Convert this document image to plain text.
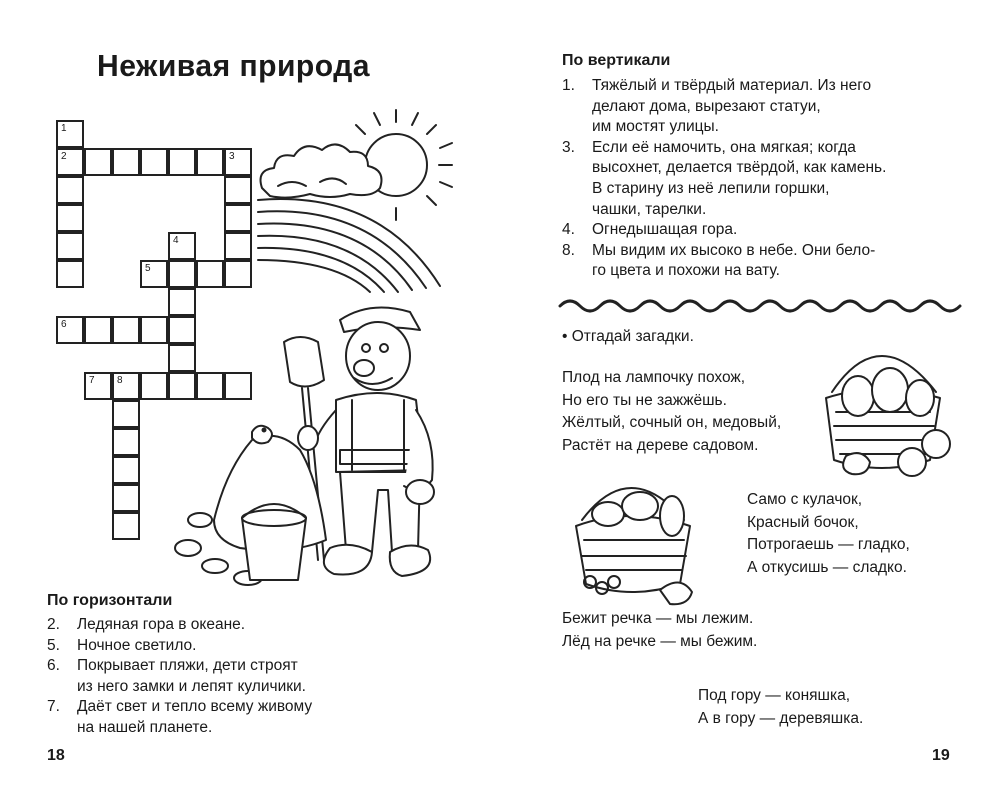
Неживая природа
1
2	3
4
5
6
7 8
По горизонтали
2. Ледяная гора в океане.
5. Ночное светило.
6. Покрывает пляжи, дети строят
из него замки и лепят куличики.
7. Даёт свет и тепло всему живому
на нашей планете.
18
По вертикали
1. Тяжёлый и твёрдый материал. Из него
делают дома, вырезают статуи,
им мостят улицы.
3. Если её намочить, она мягкая; когда
высохнет, делается твёрдой, как камень.
В старину из неё лепили горшки,
чашки, тарелки.
4. Огнедышащая гора.
8. Мы видим их высоко в небе. Они бело-
го цвета и похожи на вату.
• Отгадай загадки.
Плод на лампочку похож,
Но его ты не зажжёшь.
Жёлтый, сочный он, медовый,
Растёт на дереве садовом.
Само с кулачок,
Красный бочок,
Потрогаешь — гладко,
А откусишь — сладко.
Бежит речка — мы лежим.
Лёд на речке — мы бежим.
Под гору — коняшка,
А в гору — деревяшка.
19
